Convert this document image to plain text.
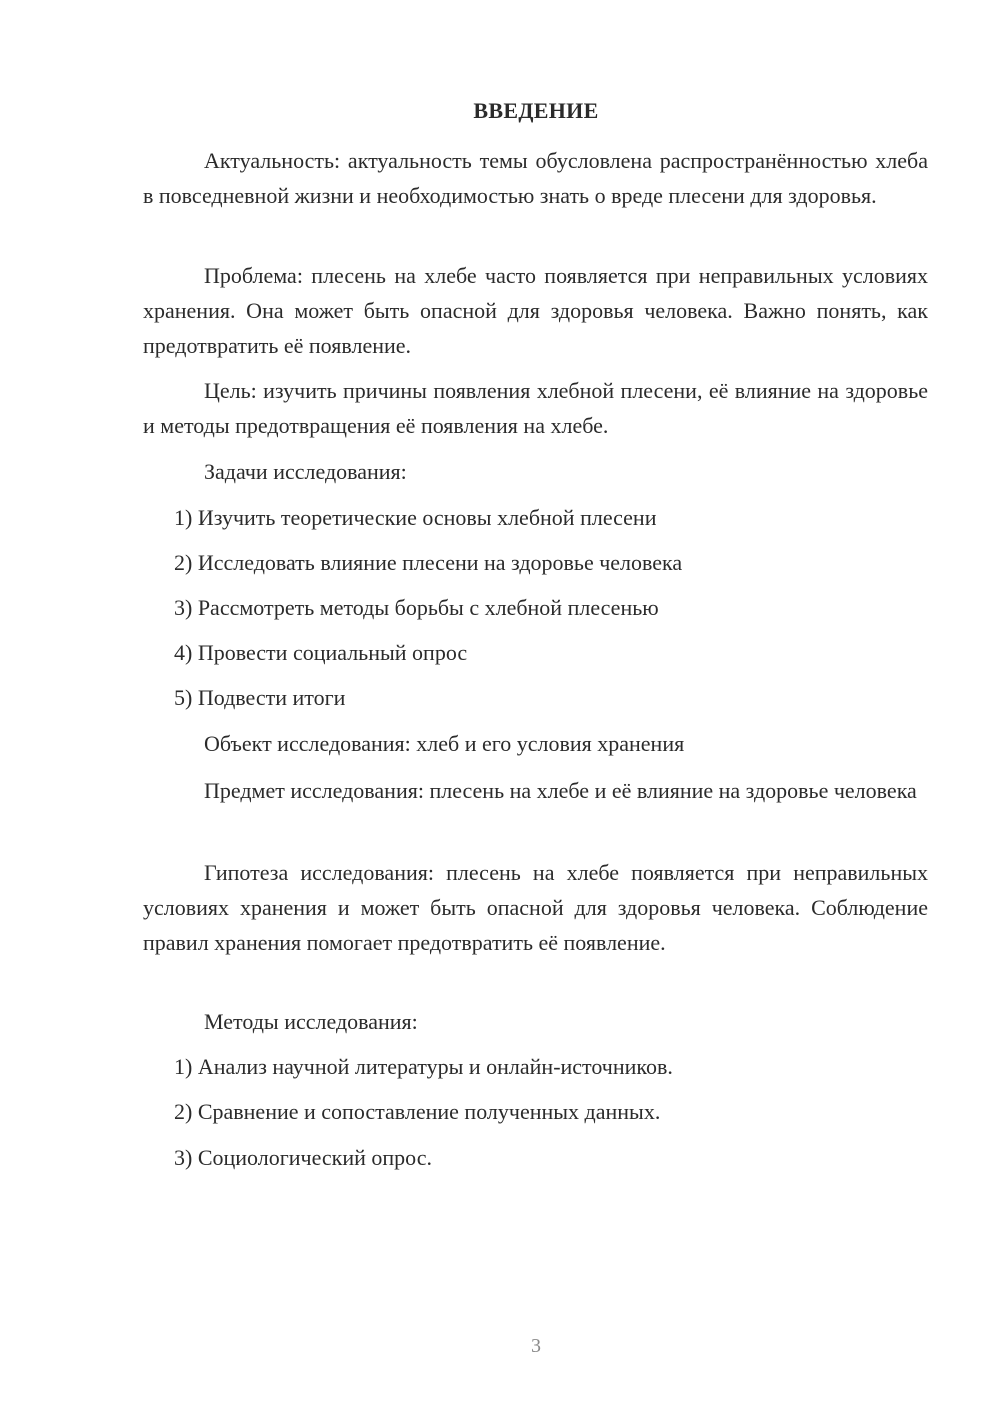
ВВЕДЕНИЕ
Актуальность: актуальность темы обусловлена распространённостью хлеба в повседневной жизни и необходимостью знать о вреде плесени для здоровья.
Проблема: плесень на хлебе часто появляется при неправильных условиях хранения. Она может быть опасной для здоровья человека. Важно понять, как предотвратить её появление.
Цель: изучить причины появления хлебной плесени, её влияние на здоровье и методы предотвращения её появления на хлебе.
Задачи исследования:
1) Изучить теоретические основы хлебной плесени
2) Исследовать влияние плесени на здоровье человека
3) Рассмотреть методы борьбы с хлебной плесенью
4) Провести социальный опрос
5) Подвести итоги
Объект исследования: хлеб и его условия хранения
Предмет исследования: плесень на хлебе и её влияние на здоровье человека
Гипотеза исследования: плесень на хлебе появляется при неправильных условиях хранения и может быть опасной для здоровья человека. Соблюдение правил хранения помогает предотвратить её появление.
Методы исследования:
1) Анализ научной литературы и онлайн-источников.
2) Сравнение и сопоставление полученных данных.
3) Социологический опрос.
3
